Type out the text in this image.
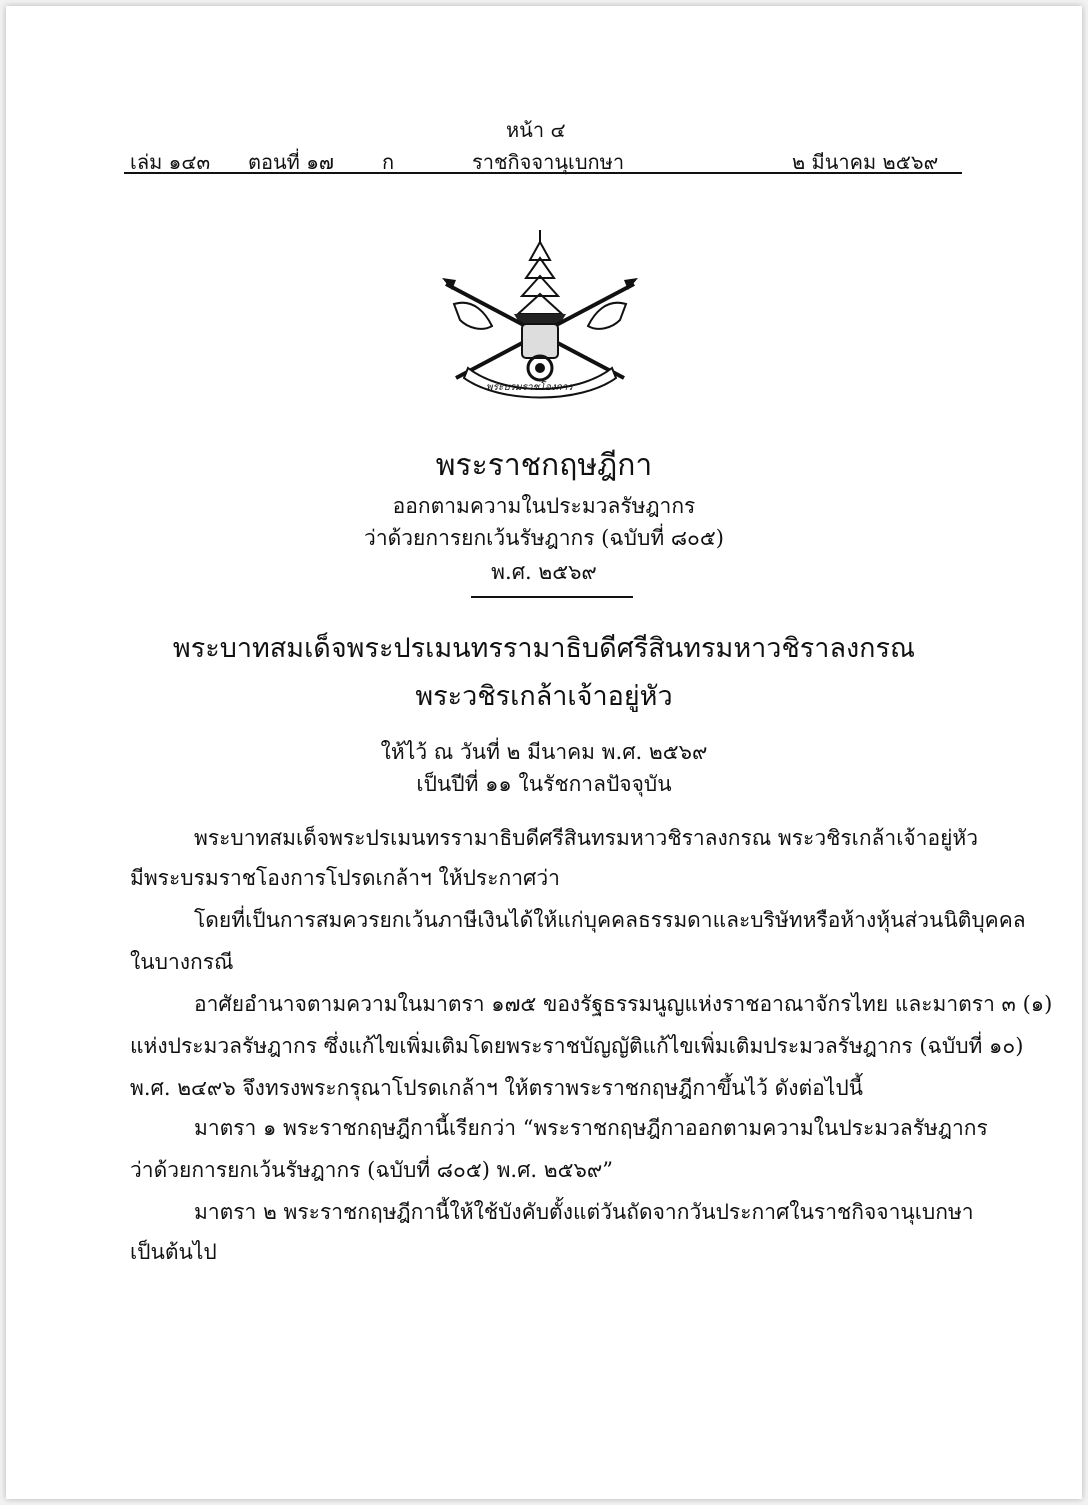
หน้า ๔
เล่ม ๑๔๓ ตอนที่ ๑๗ ก	ราชกิจจานุเบกษา	๒ มีนาคม ๒๕๖๙
พระบรมราชโองการ
พระราชกฤษฎีกา
ออกตามความในประมวลรัษฎากร
ว่าด้วยการยกเว้นรัษฎากร (ฉบับที่ ๘๐๕)
พ.ศ. ๒๕๖๙
พระบาทสมเด็จพระปรเมนทรรามาธิบดีศรีสินทรมหาวชิราลงกรณ
พระวชิรเกล้าเจ้าอยู่หัว
ให้ไว้ ณ วันที่ ๒ มีนาคม พ.ศ. ๒๕๖๙
เป็นปีที่ ๑๑ ในรัชกาลปัจจุบัน
พระบาทสมเด็จพระปรเมนทรรามาธิบดีศรีสินทรมหาวชิราลงกรณ พระวชิรเกล้าเจ้าอยู่หัว
มีพระบรมราชโองการโปรดเกล้าฯ ให้ประกาศว่า
โดยที่เป็นการสมควรยกเว้นภาษีเงินได้ให้แก่บุคคลธรรมดาและบริษัทหรือห้างหุ้นส่วนนิติบุคคล
ในบางกรณี
อาศัยอำนาจตามความในมาตรา ๑๗๕ ของรัฐธรรมนูญแห่งราชอาณาจักรไทย และมาตรา ๓ (๑)
แห่งประมวลรัษฎากร ซึ่งแก้ไขเพิ่มเติมโดยพระราชบัญญัติแก้ไขเพิ่มเติมประมวลรัษฎากร (ฉบับที่ ๑๐)
พ.ศ. ๒๔๙๖ จึงทรงพระกรุณาโปรดเกล้าฯ ให้ตราพระราชกฤษฎีกาขึ้นไว้ ดังต่อไปนี้
มาตรา ๑ พระราชกฤษฎีกานี้เรียกว่า “พระราชกฤษฎีกาออกตามความในประมวลรัษฎากร
ว่าด้วยการยกเว้นรัษฎากร (ฉบับที่ ๘๐๕) พ.ศ. ๒๕๖๙”
มาตรา ๒ พระราชกฤษฎีกานี้ให้ใช้บังคับตั้งแต่วันถัดจากวันประกาศในราชกิจจานุเบกษา
เป็นต้นไป
